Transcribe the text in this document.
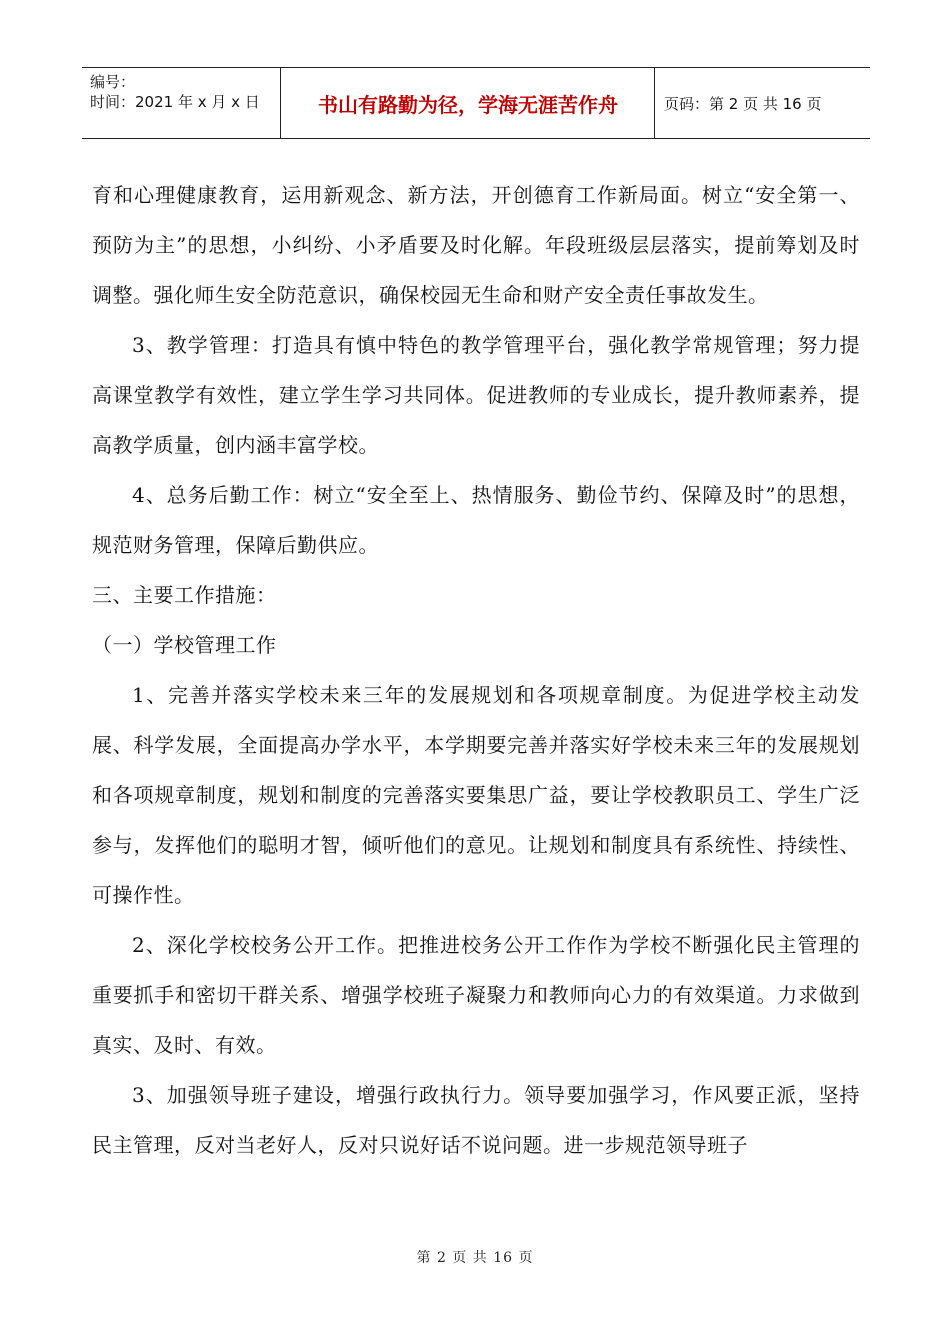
编号：
时间：2021 年 x 月 x 日	书山有路勤为径，学海无涯苦作舟	页码：第 2 页 共 16 页

育和心理健康教育，运用新观念、新方法，开创德育工作新局面。树立“安全第一、预防为主”的思想，小纠纷、小矛盾要及时化解。年段班级层层落实，提前筹划及时调整。强化师生安全防范意识，确保校园无生命和财产安全责任事故发生。

3、教学管理：打造具有慎中特色的教学管理平台，强化教学常规管理；努力提高课堂教学有效性，建立学生学习共同体。促进教师的专业成长，提升教师素养，提高教学质量，创内涵丰富学校。

4、总务后勤工作：树立“安全至上、热情服务、勤俭节约、保障及时”的思想，规范财务管理，保障后勤供应。

三、主要工作措施：

（一）学校管理工作

1、完善并落实学校未来三年的发展规划和各项规章制度。为促进学校主动发展、科学发展，全面提高办学水平，本学期要完善并落实好学校未来三年的发展规划和各项规章制度，规划和制度的完善落实要集思广益，要让学校教职员工、学生广泛参与，发挥他们的聪明才智，倾听他们的意见。让规划和制度具有系统性、持续性、可操作性。

2、深化学校校务公开工作。把推进校务公开工作作为学校不断强化民主管理的重要抓手和密切干群关系、增强学校班子凝聚力和教师向心力的有效渠道。力求做到真实、及时、有效。

3、加强领导班子建设，增强行政执行力。领导要加强学习，作风要正派，坚持民主管理，反对当老好人，反对只说好话不说问题。进一步规范领导班子

第 2 页 共 16 页
